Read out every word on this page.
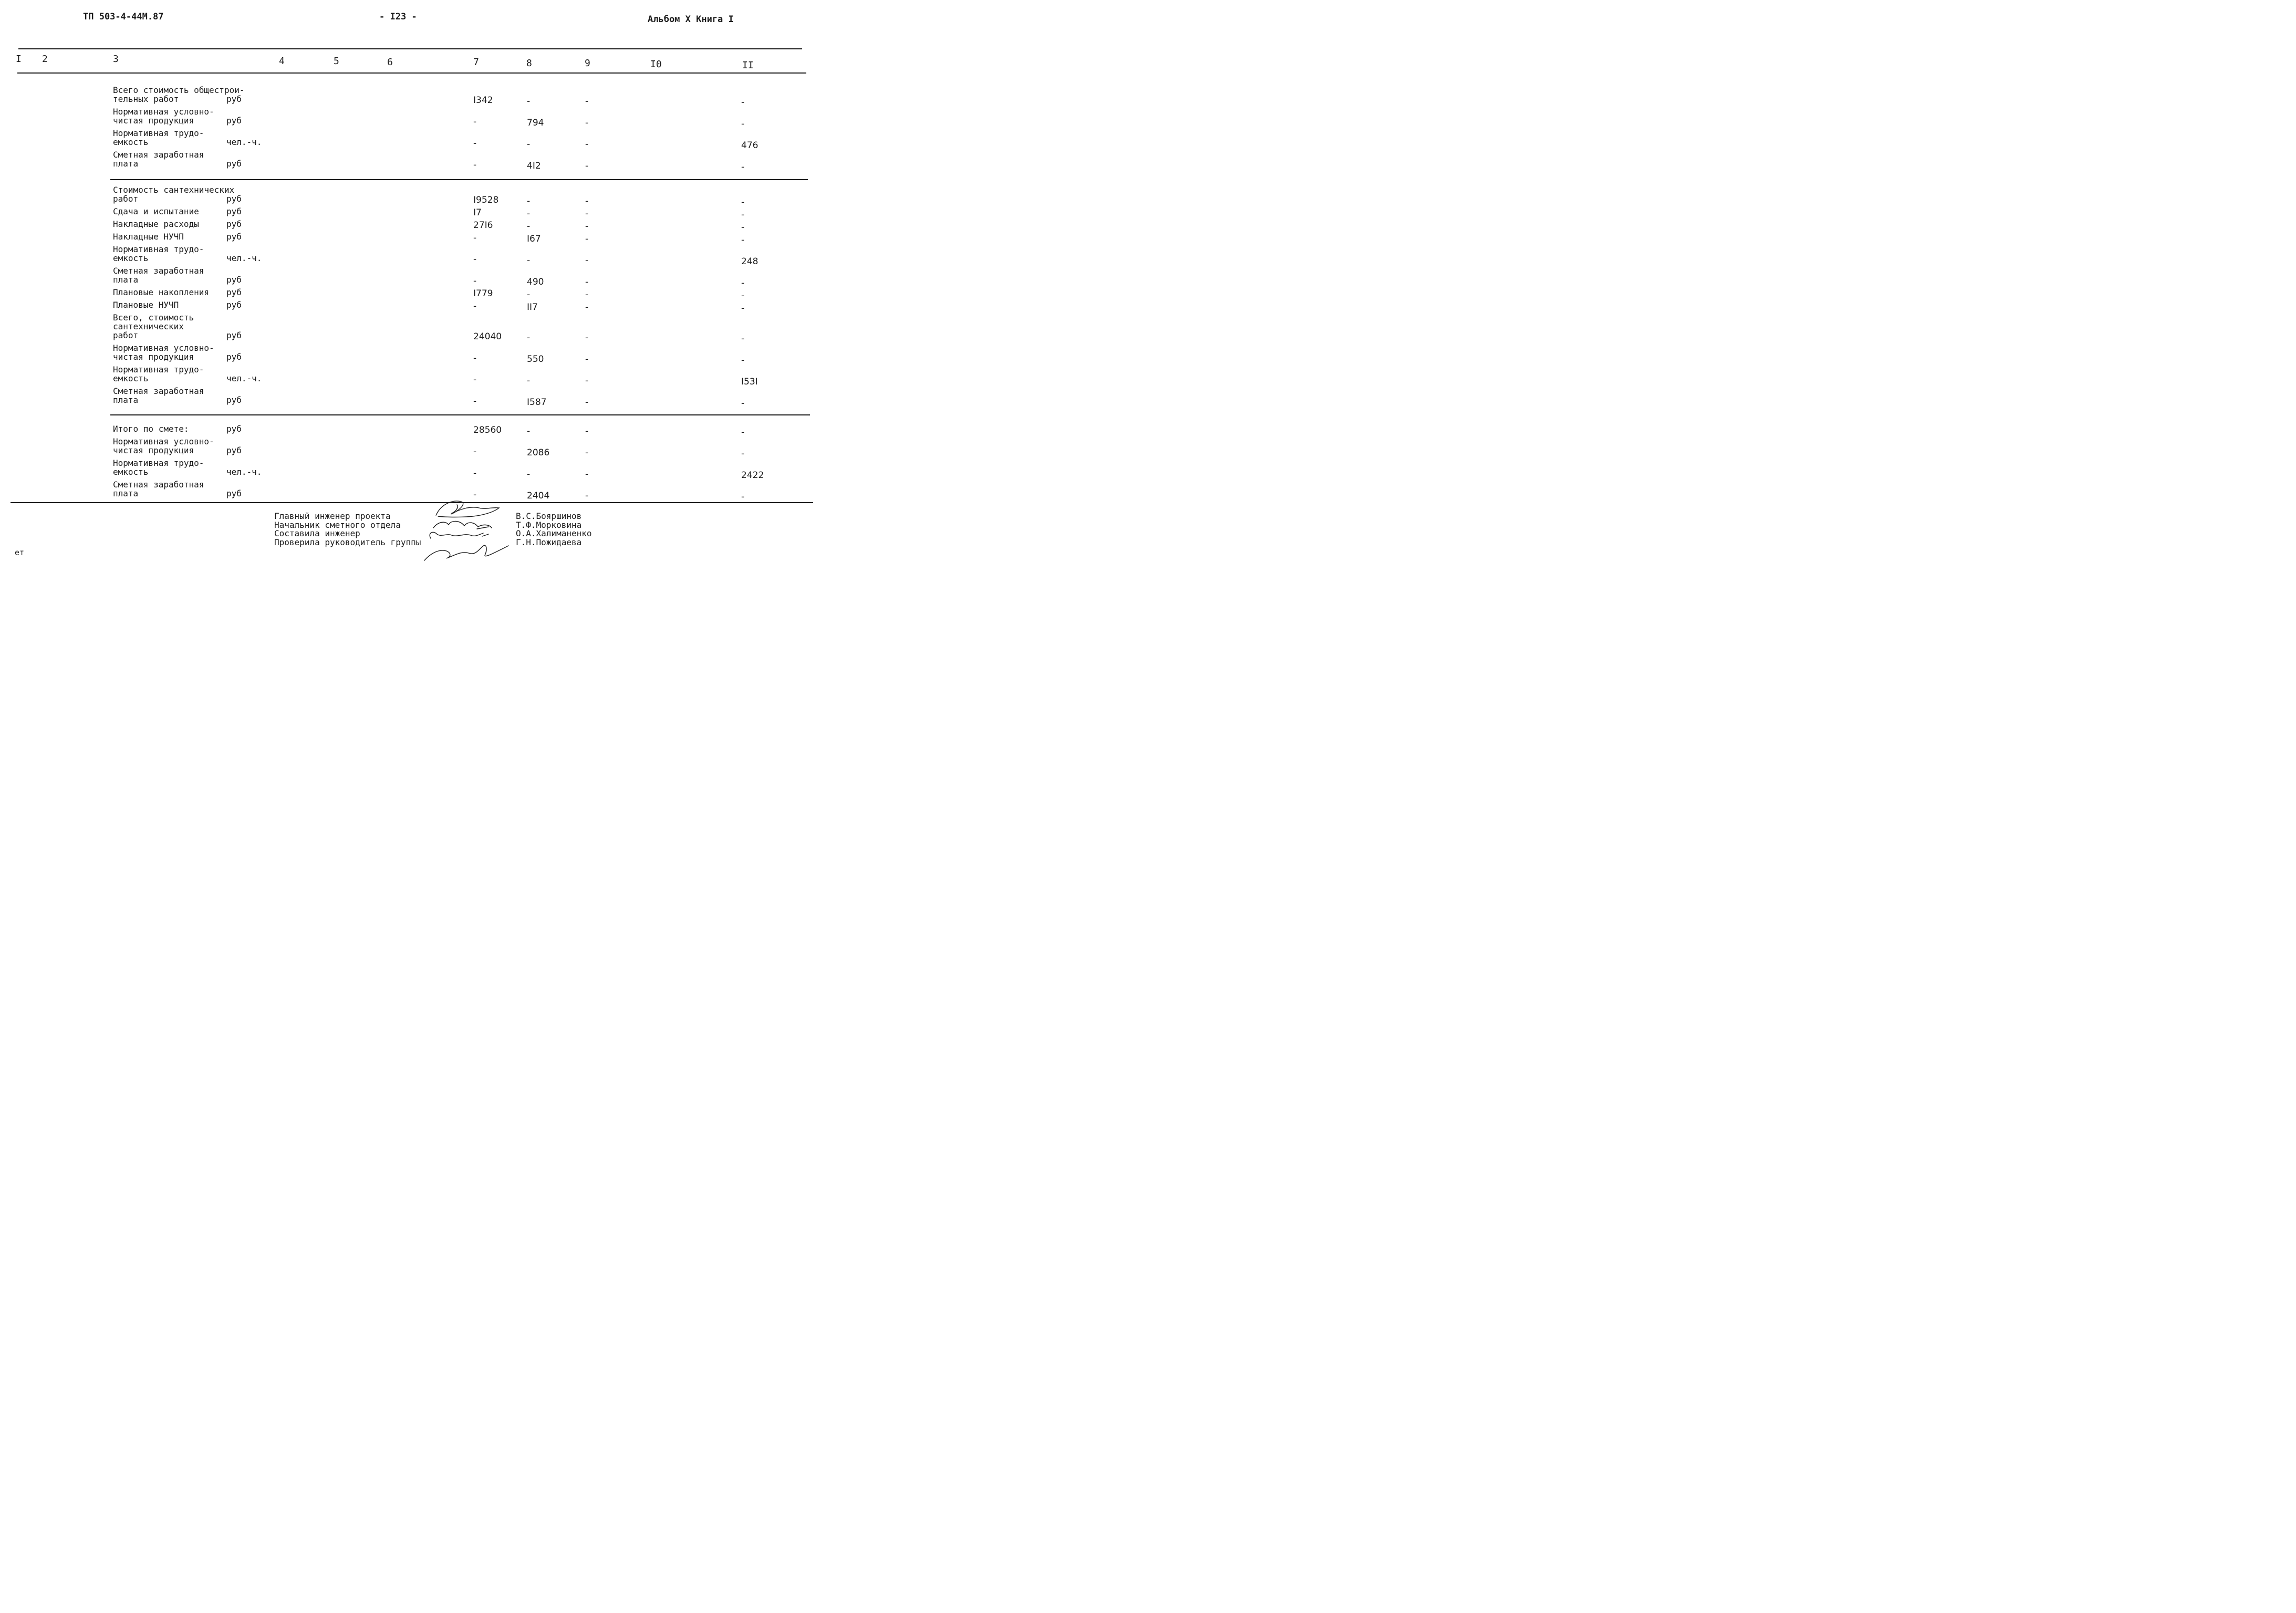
ТП 503-4-44М.87	- I23 -	Альбом X Книга I
I 2	3	4	5	6	7	8	9	I0	II
Всего стоимость общестрои-
тельных работ	руб	I342	-	-	-
Нормативная условно-
чистая продукция	руб	-	794	-	-
Нормативная трудо-
емкость	чел.-ч.	-	-	-	476
Сметная заработная
плата	руб	-	4I2	-	-
Стоимость сантехнических
работ	руб	I9528	-	-	-
Сдача и испытание	руб	I7	-	-	-
Накладные расходы	руб	27I6	-	-	-
Накладные НУЧП	руб	-	I67	-	-
Нормативная трудо-
емкость	чел.-ч.	-	-	-	248
Сметная заработная
плата	руб	-	490	-	-
Плановые накопления руб	I779	-	-	-
Плановые НУЧП	руб	-	II7	-	-
Всего, стоимость
сантехнических
работ	руб	24040	-	-	-
Нормативная условно-
чистая продукция	руб	-	550	-	-
Нормативная трудо-
емкость	чел.-ч.	-	-	-	I53I
Сметная заработная
плата	руб	-	I587	-	-
Итого по смете:	руб	28560	-	-	-
Нормативная условно-
чистая продукция	руб	-	2086	-	-
Нормативная трудо-
емкость	чел.-ч.	-	-	-	2422
Сметная заработная
плата	руб	-	2404	-	-
Главный инженер проекта
Начальник сметного отдела
Составила инженер
Проверила руководитель группы
В.С.Бояршинов
Т.Ф.Морковина
О.А.Халиманенко
Г.Н.Пожидаева
ет
